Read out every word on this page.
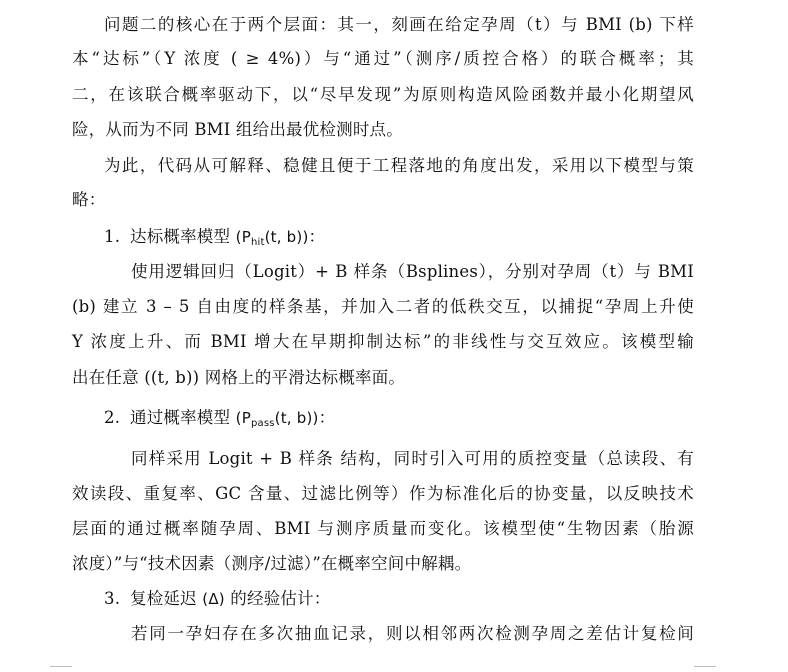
问题二的核心在于两个层面：其一，刻画在给定孕周（t）与 BMI (b) 下样
本“达标”（Y 浓度 ( ≥ 4%)）与“通过”（测序/质控合格）的联合概率；其
二，在该联合概率驱动下，以“尽早发现”为原则构造风险函数并最小化期望风
险，从而为不同 BMI 组给出最优检测时点。
为此，代码从可解释、稳健且便于工程落地的角度出发，采用以下模型与策
略：
1. 达标概率模型 ($P_{hit}(t$, b))：
使用逻辑回归（Logit）+ B 样条（Bsplines），分别对孕周（t）与 BMI
(b) 建立 3 – 5 自由度的样条基，并加入二者的低秩交互，以捕捉“孕周上升使
Y 浓度上升、而 BMI 增大在早期抑制达标”的非线性与交互效应。该模型输
出在任意 ((t, b)) 网格上的平滑达标概率面。
2. 通过概率模型 ($P_{pass}(t$, b))：
同样采用 Logit + B 样条 结构，同时引入可用的质控变量（总读段、有
效读段、重复率、GC 含量、过滤比例等）作为标准化后的协变量，以反映技术
层面的通过概率随孕周、BMI 与测序质量而变化。该模型使“生物因素（胎源
浓度）”与“技术因素（测序/过滤）”在概率空间中解耦。
3. 复检延迟 (Δ) 的经验估计：
若同一孕妇存在多次抽血记录，则以相邻两次检测孕周之差估计复检间
